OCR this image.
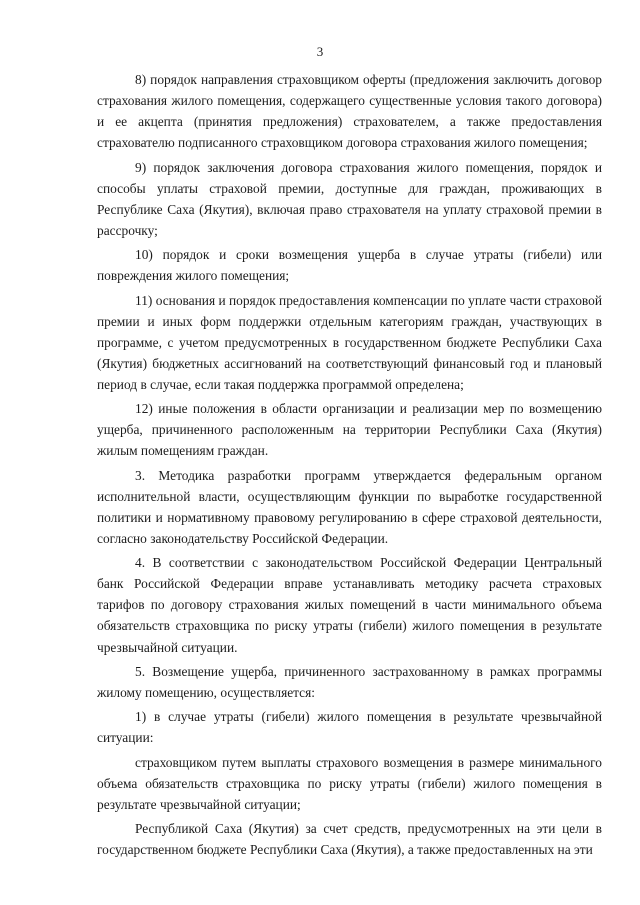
3

8) порядок направления страховщиком оферты (предложения заключить договор страхования жилого помещения, содержащего существенные условия такого договора) и ее акцепта (принятия предложения) страхователем, а также предоставления страхователю подписанного страховщиком договора страхования жилого помещения;

9) порядок заключения договора страхования жилого помещения, порядок и способы уплаты страховой премии, доступные для граждан, проживающих в Республике Саха (Якутия), включая право страхователя на уплату страховой премии в рассрочку;

10) порядок и сроки возмещения ущерба в случае утраты (гибели) или повреждения жилого помещения;

11) основания и порядок предоставления компенсации по уплате части страховой премии и иных форм поддержки отдельным категориям граждан, участвующих в программе, с учетом предусмотренных в государственном бюджете Республики Саха (Якутия) бюджетных ассигнований на соответствующий финансовый год и плановый период в случае, если такая поддержка программой определена;

12) иные положения в области организации и реализации мер по возмещению ущерба, причиненного расположенным на территории Республики Саха (Якутия) жилым помещениям граждан.

3. Методика разработки программ утверждается федеральным органом исполнительной власти, осуществляющим функции по выработке государственной политики и нормативному правовому регулированию в сфере страховой деятельности, согласно законодательству Российской Федерации.

4. В соответствии с законодательством Российской Федерации Центральный банк Российской Федерации вправе устанавливать методику расчета страховых тарифов по договору страхования жилых помещений в части минимального объема обязательств страховщика по риску утраты (гибели) жилого помещения в результате чрезвычайной ситуации.

5. Возмещение ущерба, причиненного застрахованному в рамках программы жилому помещению, осуществляется:

1) в случае утраты (гибели) жилого помещения в результате чрезвычайной ситуации:

страховщиком путем выплаты страхового возмещения в размере минимального объема обязательств страховщика по риску утраты (гибели) жилого помещения в результате чрезвычайной ситуации;

Республикой Саха (Якутия) за счет средств, предусмотренных на эти цели в государственном бюджете Республики Саха (Якутия), а также предоставленных на эти
